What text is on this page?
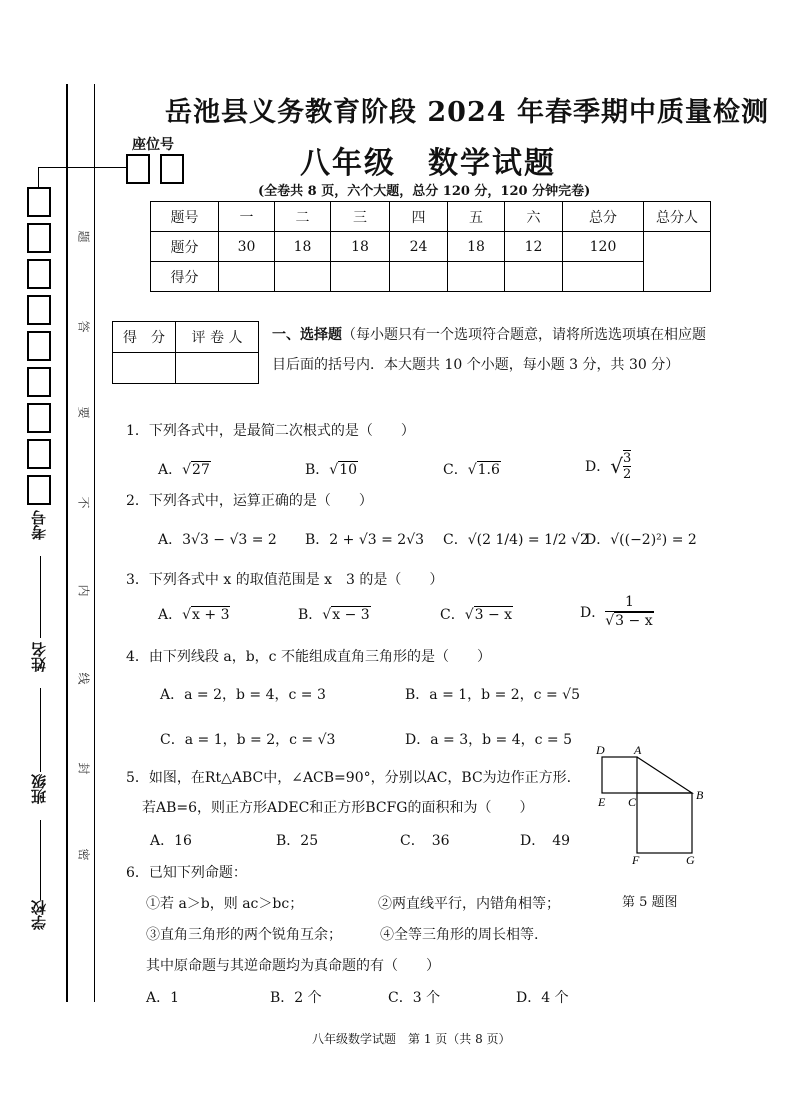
座位号
考号
姓名
班级
学校
题
答
要
不
内
线
封
密
岳池县义务教育阶段 2024 年春季期中质量检测
八年级　数学试题
(全卷共 8 页，六个大题，总分 120 分，120 分钟完卷)
题号	一	二	三	四	五	六	总分	总分人
题分	30	18	18	24	18	12	120	
得分								
得　分	评 卷 人
	一、选择题（每小题只有一个选项符合题意，请将所选选项填在相应题
目后面的括号内．本大题共 10 个小题，每小题 3 分，共 30 分）
1．下列各式中，是最简二次根式的是（　　）
A．√27	B．√10	C．√1.6	D．√ $\frac{3}{2}$
2．下列各式中，运算正确的是（　　）
A．3√3 − √3 = 2 B．2 + √3 = 2√3 C．√(2 1/4) = 1/2 √2
D．√((−2)²) = 2
3．下列各式中 x 的取值范围是 x　3 的是（　　）
A．√x + 3	B．√x − 3	C．√3 − x	D． $\frac{1}{√3 - x}$
4．由下列线段 a，b，c 不能组成直角三角形的是（　　）
A．a = 2，b = 4，c = 3	B．a = 1，b = 2，c = √5
C．a = 1，b = 2，c = √3	D．a = 3，b = 4，c = 5
5．如图，在Rt△ABC中，∠ACB=90°，分别以AC，BC为边作正方形.
若AB=6，则正方形ADEC和正方形BCFG的面积和为（　　）
A．16	B．25	C．　36	D．　49
D A
E C	B
F	G
第 5 题图
6．已知下列命题：
①若 a＞b，则 ac＞bc；	②两直线平行，内错角相等；
③直角三角形的两个锐角互余；	④全等三角形的周长相等.
其中原命题与其逆命题均为真命题的有（　　）
A．1	B．2 个	C．3 个	D．4 个
八年级数学试题　第 1 页（共 8 页）
